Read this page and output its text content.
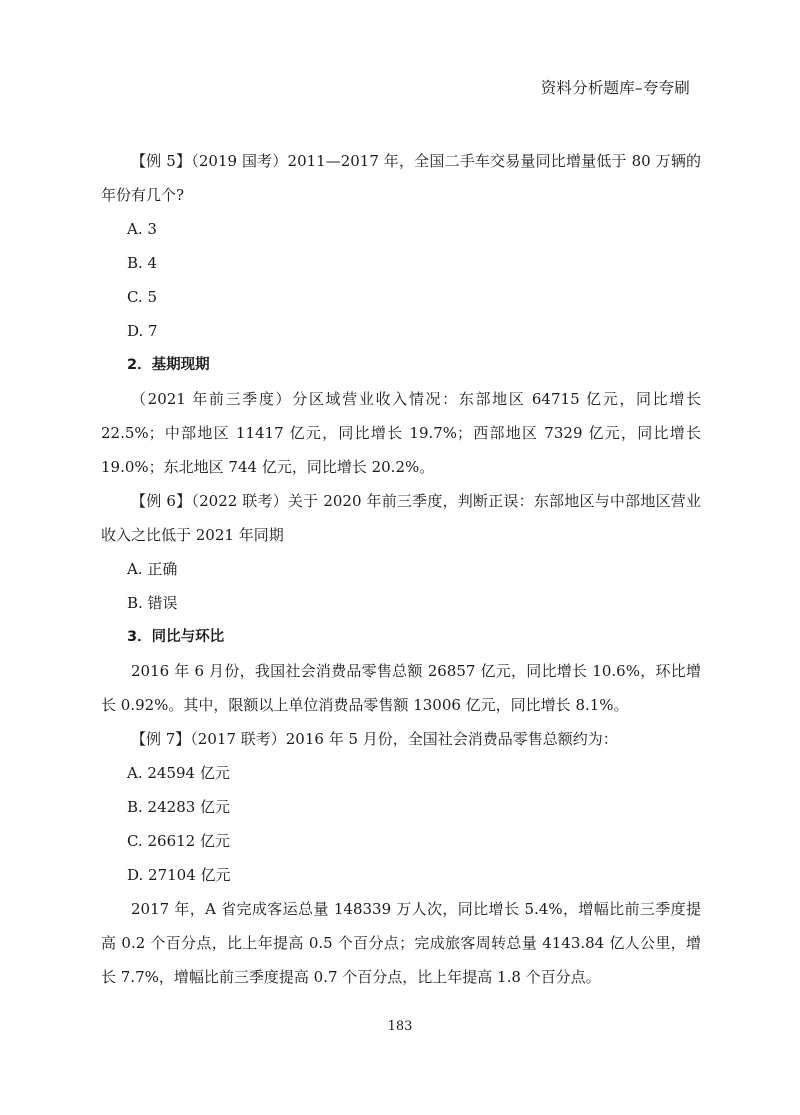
资料分析题库–夸夸刷

【例 5】（2019 国考）2011—2017 年，全国二手车交易量同比增量低于 80 万辆的年份有几个?

A. 3

B. 4

C. 5

D. 7

2．基期现期

（2021 年前三季度）分区域营业收入情况：东部地区 64715 亿元，同比增长 22.5%；中部地区 11417 亿元，同比增长 19.7%；西部地区 7329 亿元，同比增长 19.0%；东北地区 744 亿元，同比增长 20.2%。

【例 6】（2022 联考）关于 2020 年前三季度，判断正误：东部地区与中部地区营业收入之比低于 2021 年同期

A. 正确

B. 错误

3．同比与环比

2016 年 6 月份，我国社会消费品零售总额 26857 亿元，同比增长 10.6%，环比增长 0.92%。其中，限额以上单位消费品零售额 13006 亿元，同比增长 8.1%。

【例 7】（2017 联考）2016 年 5 月份，全国社会消费品零售总额约为：

A. 24594 亿元

B. 24283 亿元

C. 26612 亿元

D. 27104 亿元

2017 年，A 省完成客运总量 148339 万人次，同比增长 5.4%，增幅比前三季度提高 0.2 个百分点，比上年提高 0.5 个百分点；完成旅客周转总量 4143.84 亿人公里，增长 7.7%，增幅比前三季度提高 0.7 个百分点，比上年提高 1.8 个百分点。

183
